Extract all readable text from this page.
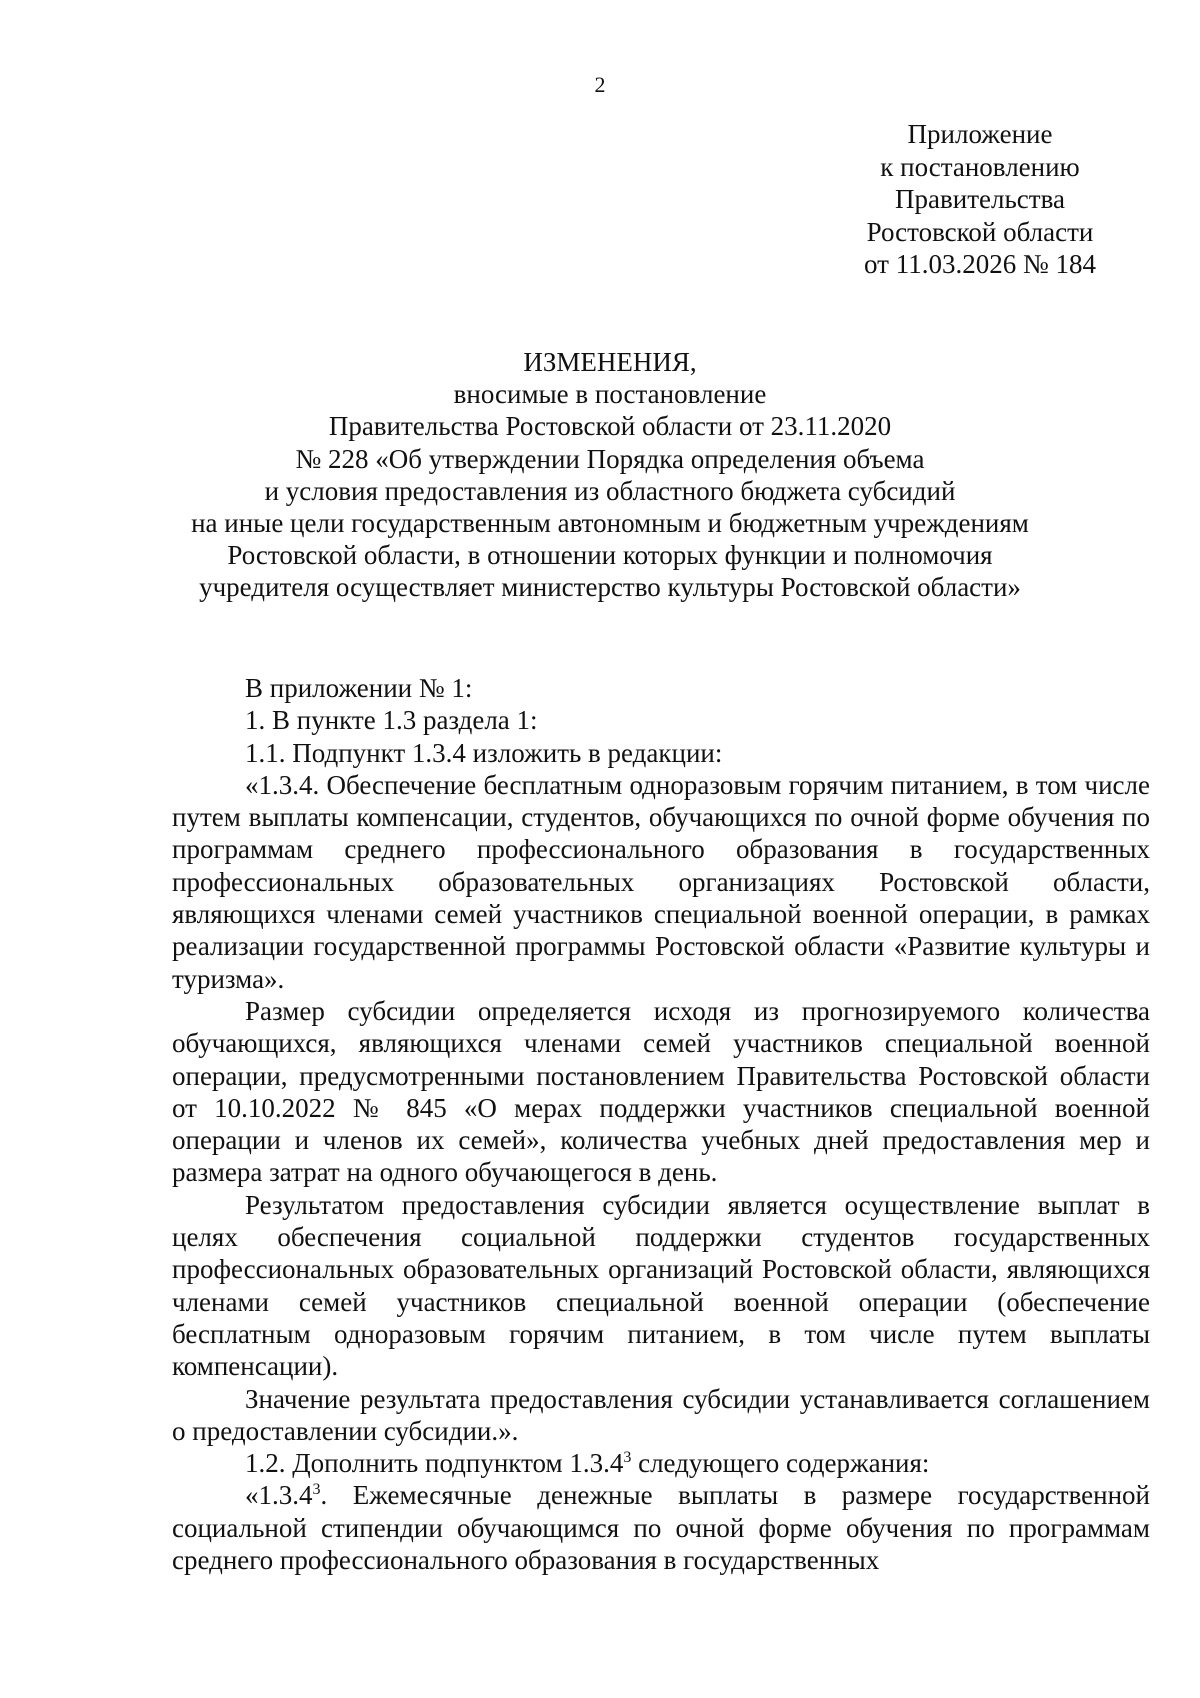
2
Приложение
к постановлению
Правительства
Ростовской области
от 11.03.2026 № 184
ИЗМЕНЕНИЯ,
вносимые в постановление
Правительства Ростовской области от 23.11.2020
№ 228 «Об утверждении Порядка определения объема
и условия предоставления из областного бюджета субсидий
на иные цели государственным автономным и бюджетным учреждениям
Ростовской области, в отношении которых функции и полномочия
учредителя осуществляет министерство культуры Ростовской области»

В приложении № 1:

1. В пункте 1.3 раздела 1:

1.1. Подпункт 1.3.4 изложить в редакции:

«1.3.4. Обеспечение бесплатным одноразовым горячим питанием, в том числе путем выплаты компенсации, студентов, обучающихся по очной форме обучения по программам среднего профессионального образования в государственных профессиональных образовательных организациях Ростовской области, являющихся членами семей участников специальной военной операции, в рамках реализации государственной программы Ростовской области «Развитие культуры и туризма».

Размер субсидии определяется исходя из прогнозируемого количества обучающихся, являющихся членами семей участников специальной военной операции, предусмотренными постановлением Правительства Ростовской области от 10.10.2022 № 845 «О мерах поддержки участников специальной военной операции и членов их семей», количества учебных дней предоставления мер и размера затрат на одного обучающегося в день.

Результатом предоставления субсидии является осуществление выплат в целях обеспечения социальной поддержки студентов государственных профессиональных образовательных организаций Ростовской области, являющихся членами семей участников специальной военной операции (обеспечение бесплатным одноразовым горячим питанием, в том числе путем выплаты компенсации).

Значение результата предоставления субсидии устанавливается соглашением о предоставлении субсидии.».

1.2. Дополнить подпунктом 1.3.4$^3$ следующего содержания:

«1.3.4$^3$. Ежемесячные денежные выплаты в размере государственной социальной стипендии обучающимся по очной форме обучения по программам среднего профессионального образования в государственных
